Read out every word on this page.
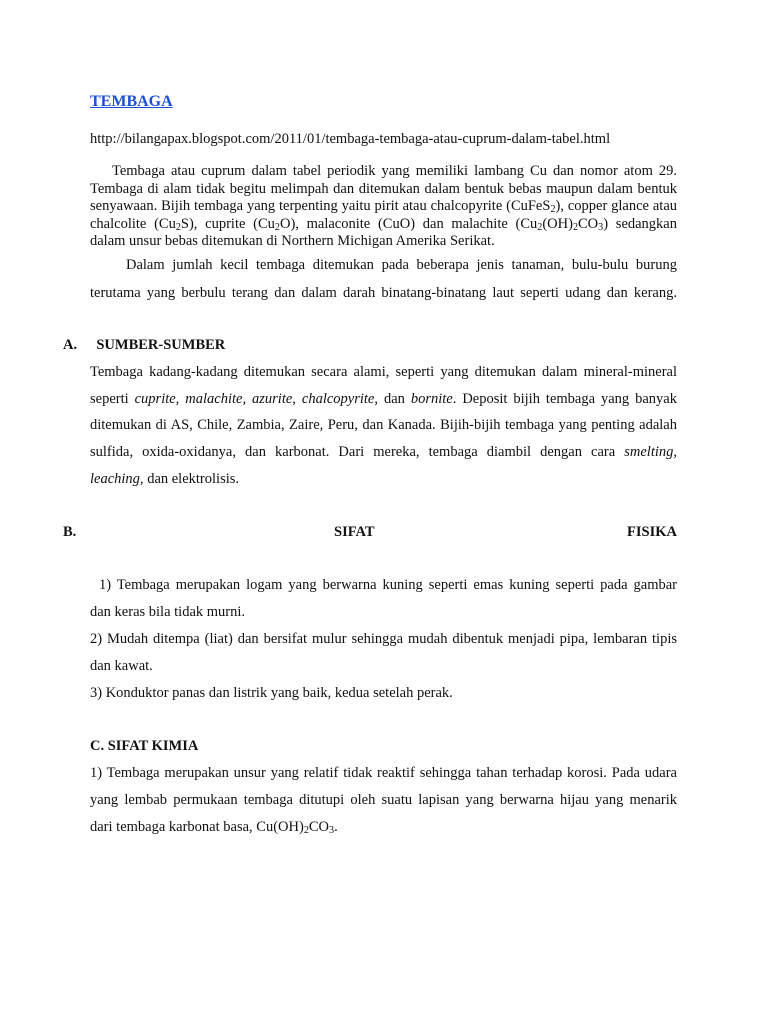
TEMBAGA
http://bilangapax.blogspot.com/2011/01/tembaga-tembaga-atau-cuprum-dalam-tabel.html
Tembaga atau cuprum dalam tabel periodik yang memiliki lambang Cu dan nomor atom 29. Tembaga di alam tidak begitu melimpah dan ditemukan dalam bentuk bebas maupun dalam bentuk senyawaan. Bijih tembaga yang terpenting yaitu pirit atau chalcopyrite (CuFeS$_2$), copper glance atau chalcolite $(Cu_2S)$, cuprite $(Cu_2O)$, malaconite (CuO) dan malachite $(Cu_2(OH)_2CO_3)$ sedangkan dalam unsur bebas ditemukan di Northern Michigan Amerika Serikat.
Dalam jumlah kecil tembaga ditemukan pada beberapa jenis tanaman, bulu-bulu burung
terutama yang berbulu terang dan dalam darah binatang-binatang laut seperti udang dan kerang.
A. SUMBER-SUMBER
Tembaga kadang-kadang ditemukan secara alami, seperti yang ditemukan dalam mineral-mineral
seperti cuprite, malachite, azurite, chalcopyrite, dan bornite. Deposit bijih tembaga yang banyak
ditemukan di AS, Chile, Zambia, Zaire, Peru, dan Kanada. Bijih-bijih tembaga yang penting adalah
sulfida, oxida-oxidanya, dan karbonat. Dari mereka, tembaga diambil dengan cara smelting,
leaching, dan elektrolisis.
B.	SIFAT	FISIKA
1) Tembaga merupakan logam yang berwarna kuning seperti emas kuning seperti pada gambar
dan keras bila tidak murni.
2) Mudah ditempa (liat) dan bersifat mulur sehingga mudah dibentuk menjadi pipa, lembaran tipis
dan kawat.
3) Konduktor panas dan listrik yang baik, kedua setelah perak.
C. SIFAT KIMIA
1) Tembaga merupakan unsur yang relatif tidak reaktif sehingga tahan terhadap korosi. Pada udara
yang lembab permukaan tembaga ditutupi oleh suatu lapisan yang berwarna hijau yang menarik
dari tembaga karbonat basa, $Cu(OH)_2CO_3$.
